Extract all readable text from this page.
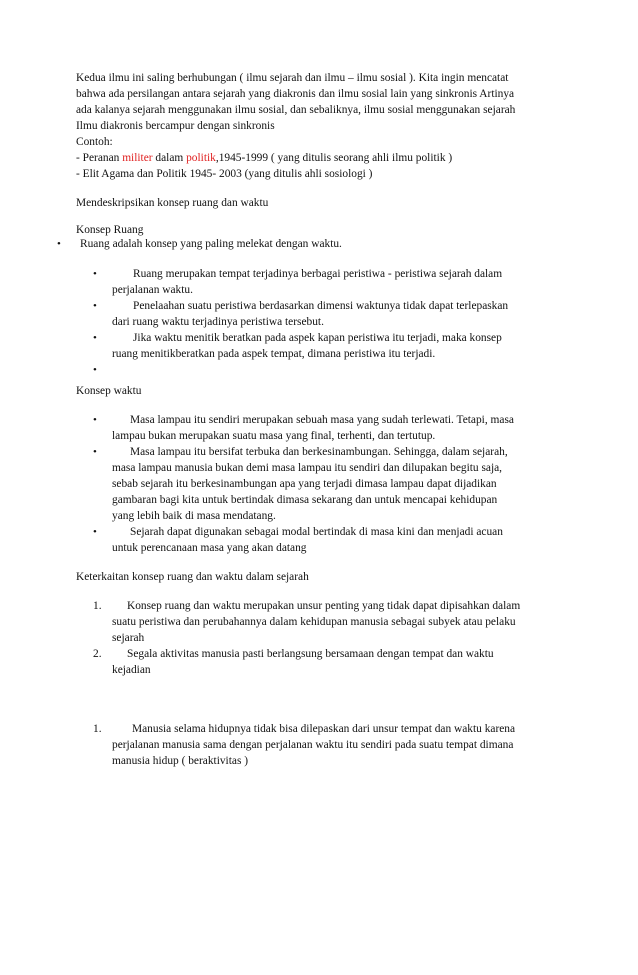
Kedua ilmu ini saling berhubungan ( ilmu sejarah dan ilmu – ilmu sosial ). Kita ingin mencatat
bahwa ada persilangan antara sejarah yang diakronis dan ilmu sosial lain yang sinkronis Artinya
ada kalanya sejarah menggunakan ilmu sosial, dan sebaliknya, ilmu sosial menggunakan sejarah
Ilmu diakronis bercampur dengan sinkronis
Contoh:
- Peranan militer dalam politik,1945-1999 ( yang ditulis seorang ahli ilmu politik )
- Elit Agama dan Politik 1945- 2003 (yang ditulis ahli sosiologi )
Mendeskripsikan konsep ruang dan waktu
Konsep Ruang
• Ruang adalah konsep yang paling melekat dengan waktu.
•	Ruang merupakan tempat terjadinya berbagai peristiwa - peristiwa sejarah dalam
perjalanan waktu.
•	Penelaahan suatu peristiwa berdasarkan dimensi waktunya tidak dapat terlepaskan
dari ruang waktu terjadinya peristiwa tersebut.
•	Jika waktu menitik beratkan pada aspek kapan peristiwa itu terjadi, maka konsep
ruang menitikberatkan pada aspek tempat, dimana peristiwa itu terjadi.
•
Konsep waktu
•	Masa lampau itu sendiri merupakan sebuah masa yang sudah terlewati. Tetapi, masa
lampau bukan merupakan suatu masa yang final, terhenti, dan tertutup.
•	Masa lampau itu bersifat terbuka dan berkesinambungan. Sehingga, dalam sejarah,
masa lampau manusia bukan demi masa lampau itu sendiri dan dilupakan begitu saja,
sebab sejarah itu berkesinambungan apa yang terjadi dimasa lampau dapat dijadikan
gambaran bagi kita untuk bertindak dimasa sekarang dan untuk mencapai kehidupan
yang lebih baik di masa mendatang.
•	Sejarah dapat digunakan sebagai modal bertindak di masa kini dan menjadi acuan
untuk perencanaan masa yang akan datang
Keterkaitan konsep ruang dan waktu dalam sejarah
1. Konsep ruang dan waktu merupakan unsur penting yang tidak dapat dipisahkan dalam
suatu peristiwa dan perubahannya dalam kehidupan manusia sebagai subyek atau pelaku
sejarah
2. Segala aktivitas manusia pasti berlangsung bersamaan dengan tempat dan waktu
kejadian
1.	Manusia selama hidupnya tidak bisa dilepaskan dari unsur tempat dan waktu karena
perjalanan manusia sama dengan perjalanan waktu itu sendiri pada suatu tempat dimana
manusia hidup ( beraktivitas )
